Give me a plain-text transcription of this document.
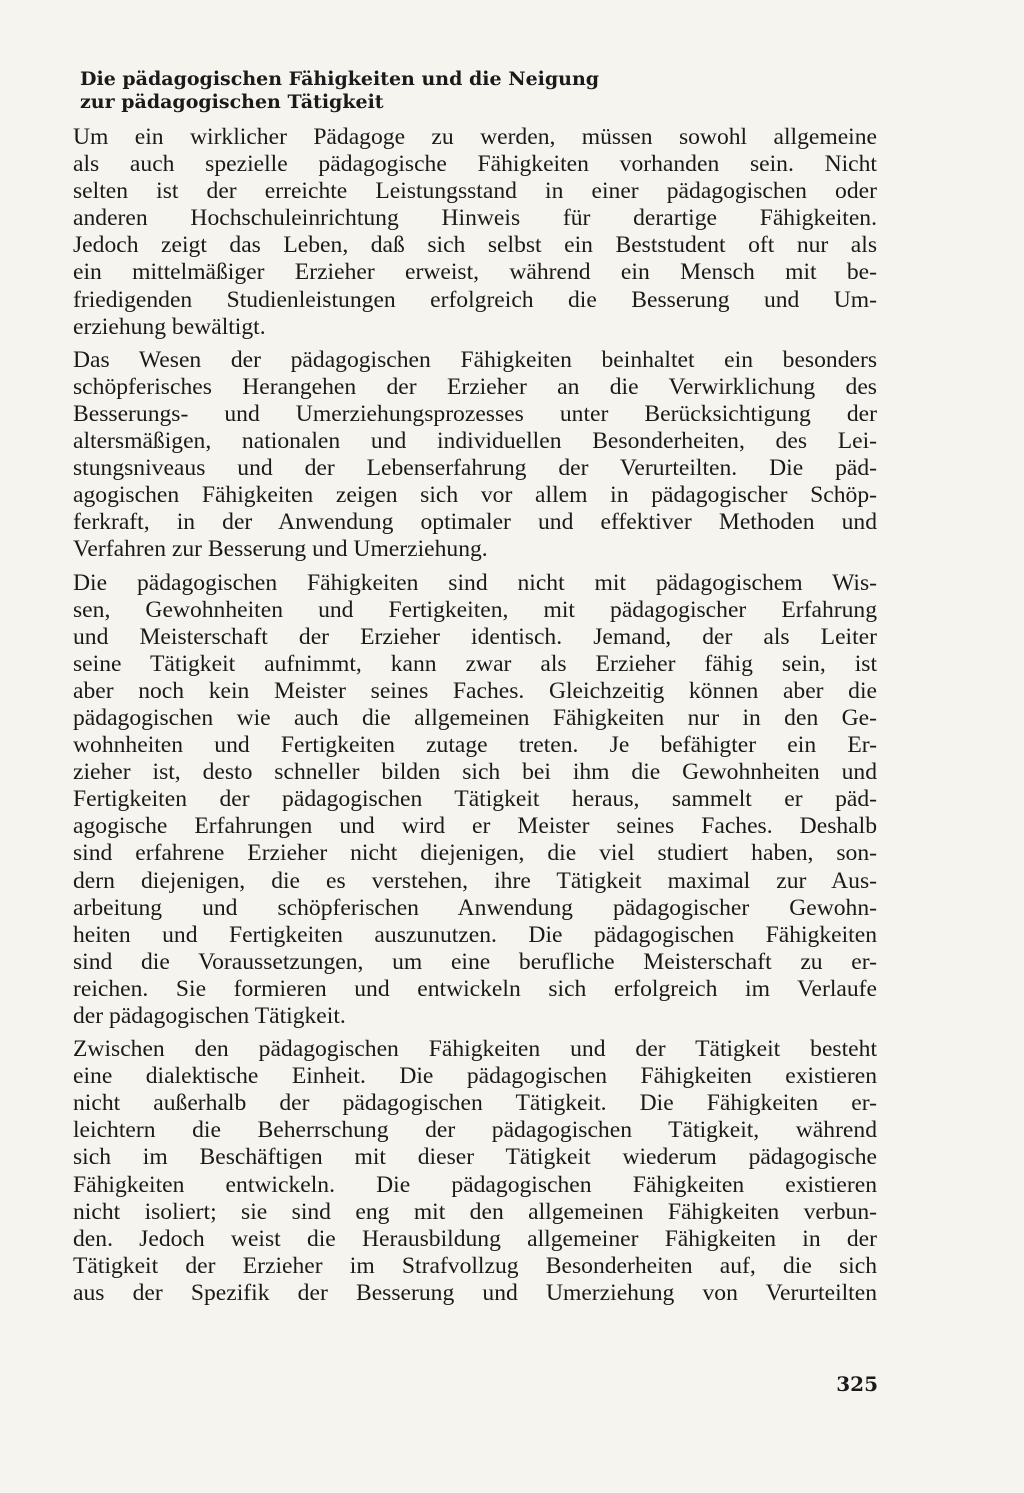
Die pädagogischen Fähigkeiten und die Neigung
zur pädagogischen Tätigkeit
Um ein wirklicher Pädagoge zu werden, müssen sowohl allgemeine
als auch spezielle pädagogische Fähigkeiten vorhanden sein. Nicht
selten ist der erreichte Leistungsstand in einer pädagogischen oder
anderen Hochschuleinrichtung Hinweis für derartige Fähigkeiten.
Jedoch zeigt das Leben, daß sich selbst ein Beststudent oft nur als
ein mittelmäßiger Erzieher erweist, während ein Mensch mit be-
friedigenden Studienleistungen erfolgreich die Besserung und Um-
erziehung bewältigt.
Das Wesen der pädagogischen Fähigkeiten beinhaltet ein besonders
schöpferisches Herangehen der Erzieher an die Verwirklichung des
Besserungs- und Umerziehungsprozesses unter Berücksichtigung der
altersmäßigen, nationalen und individuellen Besonderheiten, des Lei-
stungsniveaus und der Lebenserfahrung der Verurteilten. Die päd-
agogischen Fähigkeiten zeigen sich vor allem in pädagogischer Schöp-
ferkraft, in der Anwendung optimaler und effektiver Methoden und
Verfahren zur Besserung und Umerziehung.
Die pädagogischen Fähigkeiten sind nicht mit pädagogischem Wis-
sen, Gewohnheiten und Fertigkeiten, mit pädagogischer Erfahrung
und Meisterschaft der Erzieher identisch. Jemand, der als Leiter
seine Tätigkeit aufnimmt, kann zwar als Erzieher fähig sein, ist
aber noch kein Meister seines Faches. Gleichzeitig können aber die
pädagogischen wie auch die allgemeinen Fähigkeiten nur in den Ge-
wohnheiten und Fertigkeiten zutage treten. Je befähigter ein Er-
zieher ist, desto schneller bilden sich bei ihm die Gewohnheiten und
Fertigkeiten der pädagogischen Tätigkeit heraus, sammelt er päd-
agogische Erfahrungen und wird er Meister seines Faches. Deshalb
sind erfahrene Erzieher nicht diejenigen, die viel studiert haben, son-
dern diejenigen, die es verstehen, ihre Tätigkeit maximal zur Aus-
arbeitung und schöpferischen Anwendung pädagogischer Gewohn-
heiten und Fertigkeiten auszunutzen. Die pädagogischen Fähigkeiten
sind die Voraussetzungen, um eine berufliche Meisterschaft zu er-
reichen. Sie formieren und entwickeln sich erfolgreich im Verlaufe
der pädagogischen Tätigkeit.
Zwischen den pädagogischen Fähigkeiten und der Tätigkeit besteht
eine dialektische Einheit. Die pädagogischen Fähigkeiten existieren
nicht außerhalb der pädagogischen Tätigkeit. Die Fähigkeiten er-
leichtern die Beherrschung der pädagogischen Tätigkeit, während
sich im Beschäftigen mit dieser Tätigkeit wiederum pädagogische
Fähigkeiten entwickeln. Die pädagogischen Fähigkeiten existieren
nicht isoliert; sie sind eng mit den allgemeinen Fähigkeiten verbun-
den. Jedoch weist die Herausbildung allgemeiner Fähigkeiten in der
Tätigkeit der Erzieher im Strafvollzug Besonderheiten auf, die sich
aus der Spezifik der Besserung und Umerziehung von Verurteilten
325
